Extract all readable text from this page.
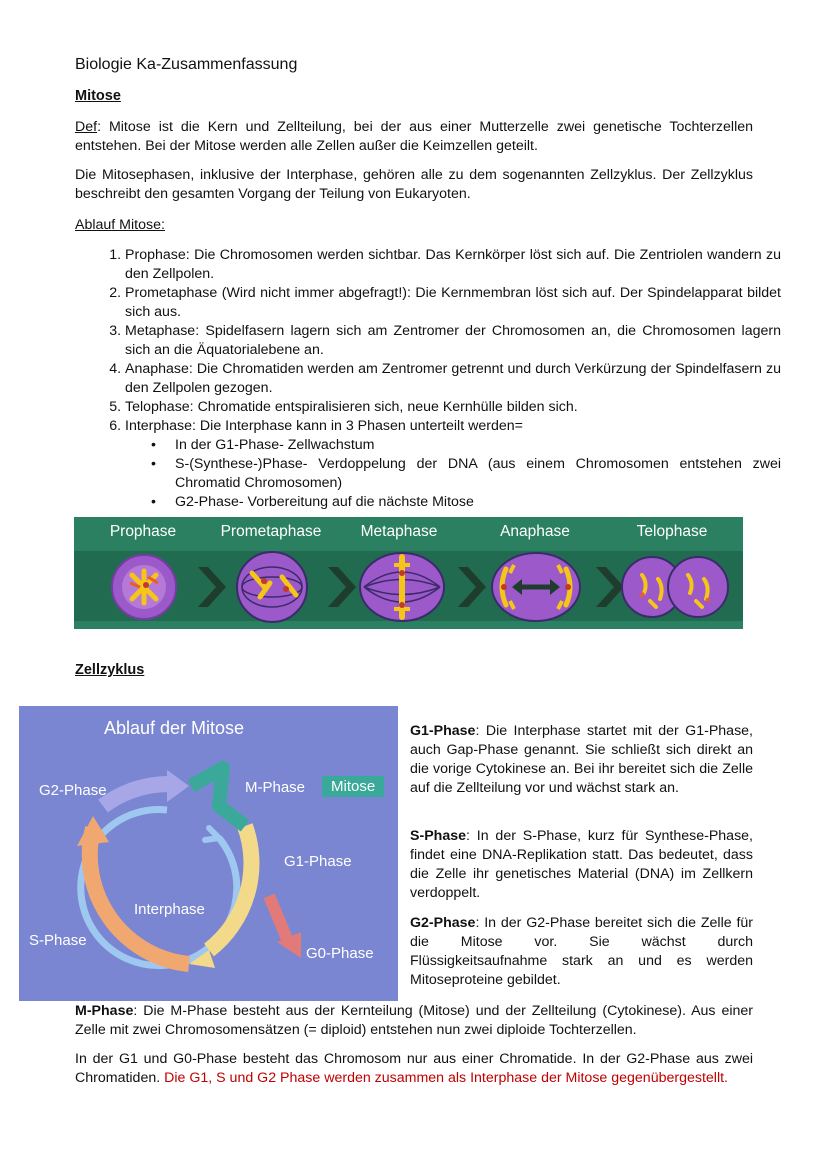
Biologie Ka-Zusammenfassung
Mitose
Def: Mitose ist die Kern und Zellteilung, bei der aus einer Mutterzelle zwei genetische Tochterzellen entstehen. Bei der Mitose werden alle Zellen außer die Keimzellen geteilt.
Die Mitosephasen, inklusive der Interphase, gehören alle zu dem sogenannten Zellzyklus. Der Zellzyklus beschreibt den gesamten Vorgang der Teilung von Eukaryoten.
Ablauf Mitose:
1. Prophase: Die Chromosomen werden sichtbar. Das Kernkörper löst sich auf. Die Zentriolen wandern zu den Zellpolen.
2. Prometaphase (Wird nicht immer abgefragt!): Die Kernmembran löst sich auf. Der Spindelapparat bildet sich aus.
3. Metaphase: Spidelfasern lagern sich am Zentromer der Chromosomen an, die Chromosomen lagern sich an die Äquatorialebene an.
4. Anaphase: Die Chromatiden werden am Zentromer getrennt und durch Verkürzung der Spindelfasern zu den Zellpolen gezogen.
5. Telophase: Chromatide entspiralisieren sich, neue Kernhülle bilden sich.
6. Interphase: Die Interphase kann in 3 Phasen unterteilt werden=
• In der G1-Phase- Zellwachstum
• S-(Synthese-)Phase- Verdoppelung der DNA (aus einem Chromosomen entstehen zwei Chromatid Chromosomen)
• G2-Phase- Vorbereitung auf die nächste Mitose
Prophase	Prometaphase	Metaphase	Anaphase	Telophase
Zellzyklus
Ablauf der Mitose
G2-Phase	M-Phase	Mitose
G1-Phase
Interphase
S-Phase
G0-Phase
G1-Phase: Die Interphase startet mit der G1-Phase, auch Gap-Phase genannt. Sie schließt sich direkt an die vorige Cytokinese an. Bei ihr bereitet sich die Zelle auf die Zellteilung vor und wächst stark an.
S-Phase: In der S-Phase, kurz für Synthese-Phase, findet eine DNA-Replikation statt. Das bedeutet, dass die Zelle ihr genetisches Material (DNA) im Zellkern verdoppelt.
G2-Phase: In der G2-Phase bereitet sich die Zelle für die Mitose vor. Sie wächst durch Flüssigkeitsaufnahme stark an und es werden Mitoseproteine gebildet.
M-Phase: Die M-Phase besteht aus der Kernteilung (Mitose) und der Zellteilung (Cytokinese). Aus einer Zelle mit zwei Chromosomensätzen (= diploid) entstehen nun zwei diploide Tochterzellen.
In der G1 und G0-Phase besteht das Chromosom nur aus einer Chromatide. In der G2-Phase aus zwei Chromatiden. Die G1, S und G2 Phase werden zusammen als Interphase der Mitose gegenübergestellt.
